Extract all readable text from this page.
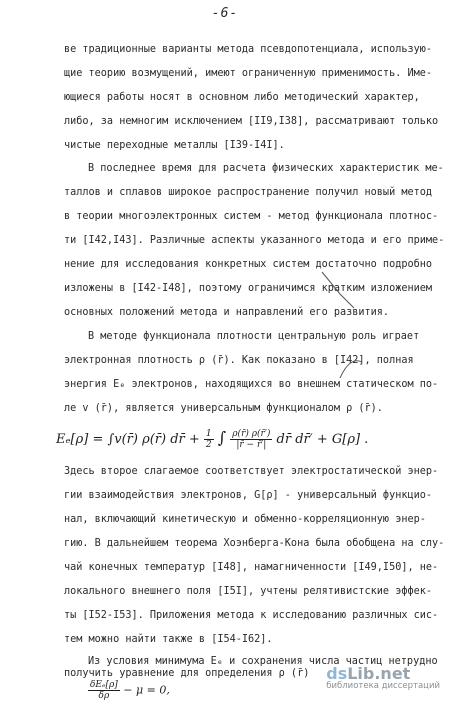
-6-
ве традиционные варианты метода псевдопотенциала, использую-
щие теорию возмущений, имеют ограниченную применимость. Име-
ющиеся работы носят в основном либо методический характер,
либо, за немногим исключением [II9,I38], рассматривают только
чистые переходные металлы [I39-I4I].
В последнее время для расчета физических характеристик ме-
таллов и сплавов широкое распространение получил новый метод
в теории многоэлектронных систем - метод функционала плотнос-
ти [I42,I43]. Различные аспекты указанного метода и его приме-
нение для исследования конкретных систем достаточно подробно
изложены в [I42-I48], поэтому ограничимся кратким изложением
основных положений метода и направлений его развития.
В методе функционала плотности центральную роль играет
электронная плотность ρ (r̄). Как показано в [I42], полная
энергия Eₑ электронов, находящихся во внешнем статическом по-
ле v (r̄), является универсальным функционалом ρ (r̄).
Eₑ[ρ] = ∫v(r̄) ρ(r̄) dr̄ + $\frac{1}{2}$ ∫ $\frac{\rho(r̄) \rho(r̄')}{|r̄ - r̄'|}$ dr̄ dr̄′ + G[ρ] .
Здесь второе слагаемое соответствует электростатической энер-
гии взаимодействия электронов, G[ρ] - универсальный функцио-
нал, включающий кинетическую и обменно-корреляционную энер-
гию. В дальнейшем теорема Хоэнберга-Кона была обобщена на слу-
чай конечных температур [I48], намагниченности [I49,I50], не-
локального внешнего поля [I5I], учтены релятивистские эффек-
ты [I52-I53]. Приложения метода к исследованию различных сис-
тем можно найти также в [I54-I62].
Из условия минимума Eₑ и сохранения числа частиц нетрудно
получить уравнение для определения ρ (r̄)
$\frac{\text{δEₑ[ρ]}}{\delta\rho} - \mu = 0$,
dsLib.net
библиотека диссертаций
